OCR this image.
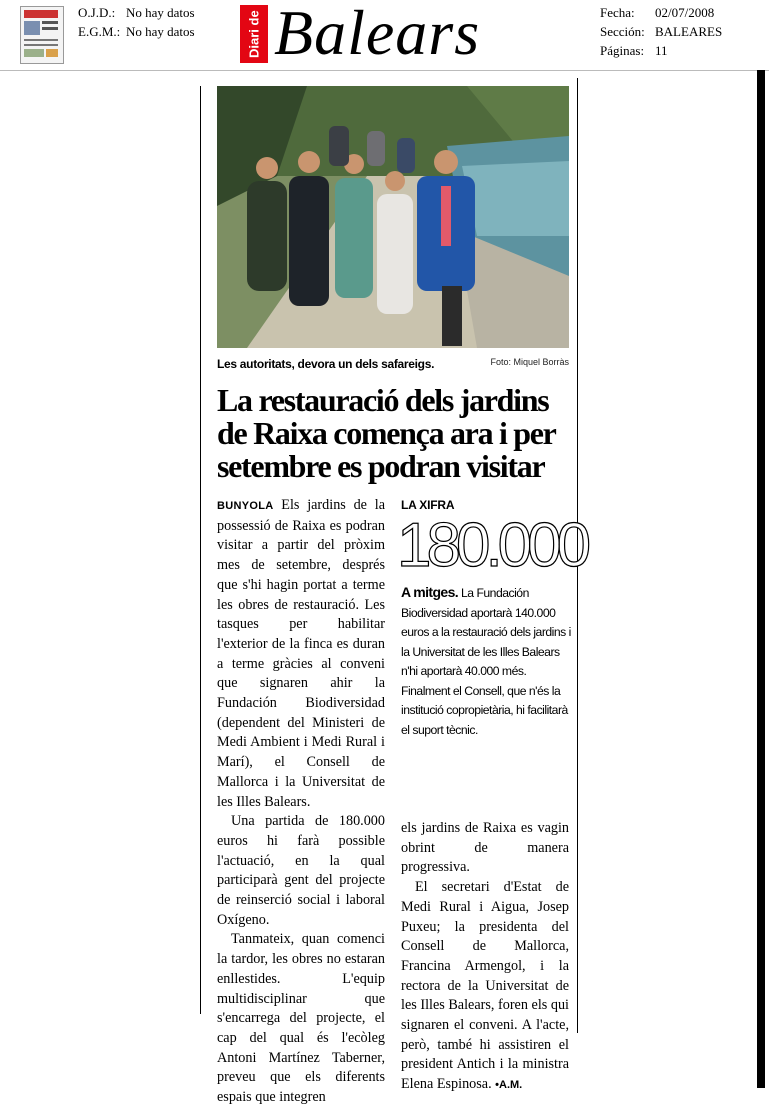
O.J.D.: No hay datos
E.G.M.: No hay datos	Diari de Balears	Fecha: 02/07/2008
Sección: BALEARES
Páginas: 11
Les autoritats, devora un dels safareigs.	Foto: Miquel Borràs
La restauració dels jardins de Raixa comença ara i per setembre es podran visitar

BUNYOLA Els jardins de la possessió de Raixa es podran visitar a partir del pròxim mes de setembre, després que s'hi hagin portat a terme les obres de restauració. Les tasques per habilitar l'exterior de la finca es duran a terme gràcies al conveni que signaren ahir la Fundación Biodiversidad (dependent del Ministeri de Medi Ambient i Medi Rural i Marí), el Consell de Mallorca i la Universitat de les Illes Balears.

Una partida de 180.000 euros hi farà possible l'actuació, en la qual participarà gent del projecte de reinserció social i laboral Oxígeno.

Tanmateix, quan comenci la tardor, les obres no estaran enllestides. L'equip multidisciplinar que s'encarrega del projecte, el cap del qual és l'ecòleg Antoni Martínez Taberner, preveu que els diferents espais que integren

LA XIFRA
180.000
A mitges. La Fundación Biodiversidad aportarà 140.000 euros a la restauració dels jardins i la Universitat de les Illes Balears n'hi aportarà 40.000 més. Finalment el Consell, que n'és la institució copropietària, hi facilitarà el suport tècnic.

els jardins de Raixa es vagin obrint de manera progressiva.

El secretari d'Estat de Medi Rural i Aigua, Josep Puxeu; la presidenta del Consell de Mallorca, Francina Armengol, i la rectora de la Universitat de les Illes Balears, foren els qui signaren el conveni. A l'acte, però, també hi assistiren el president Antich i la ministra Elena Espinosa. •A.M.
